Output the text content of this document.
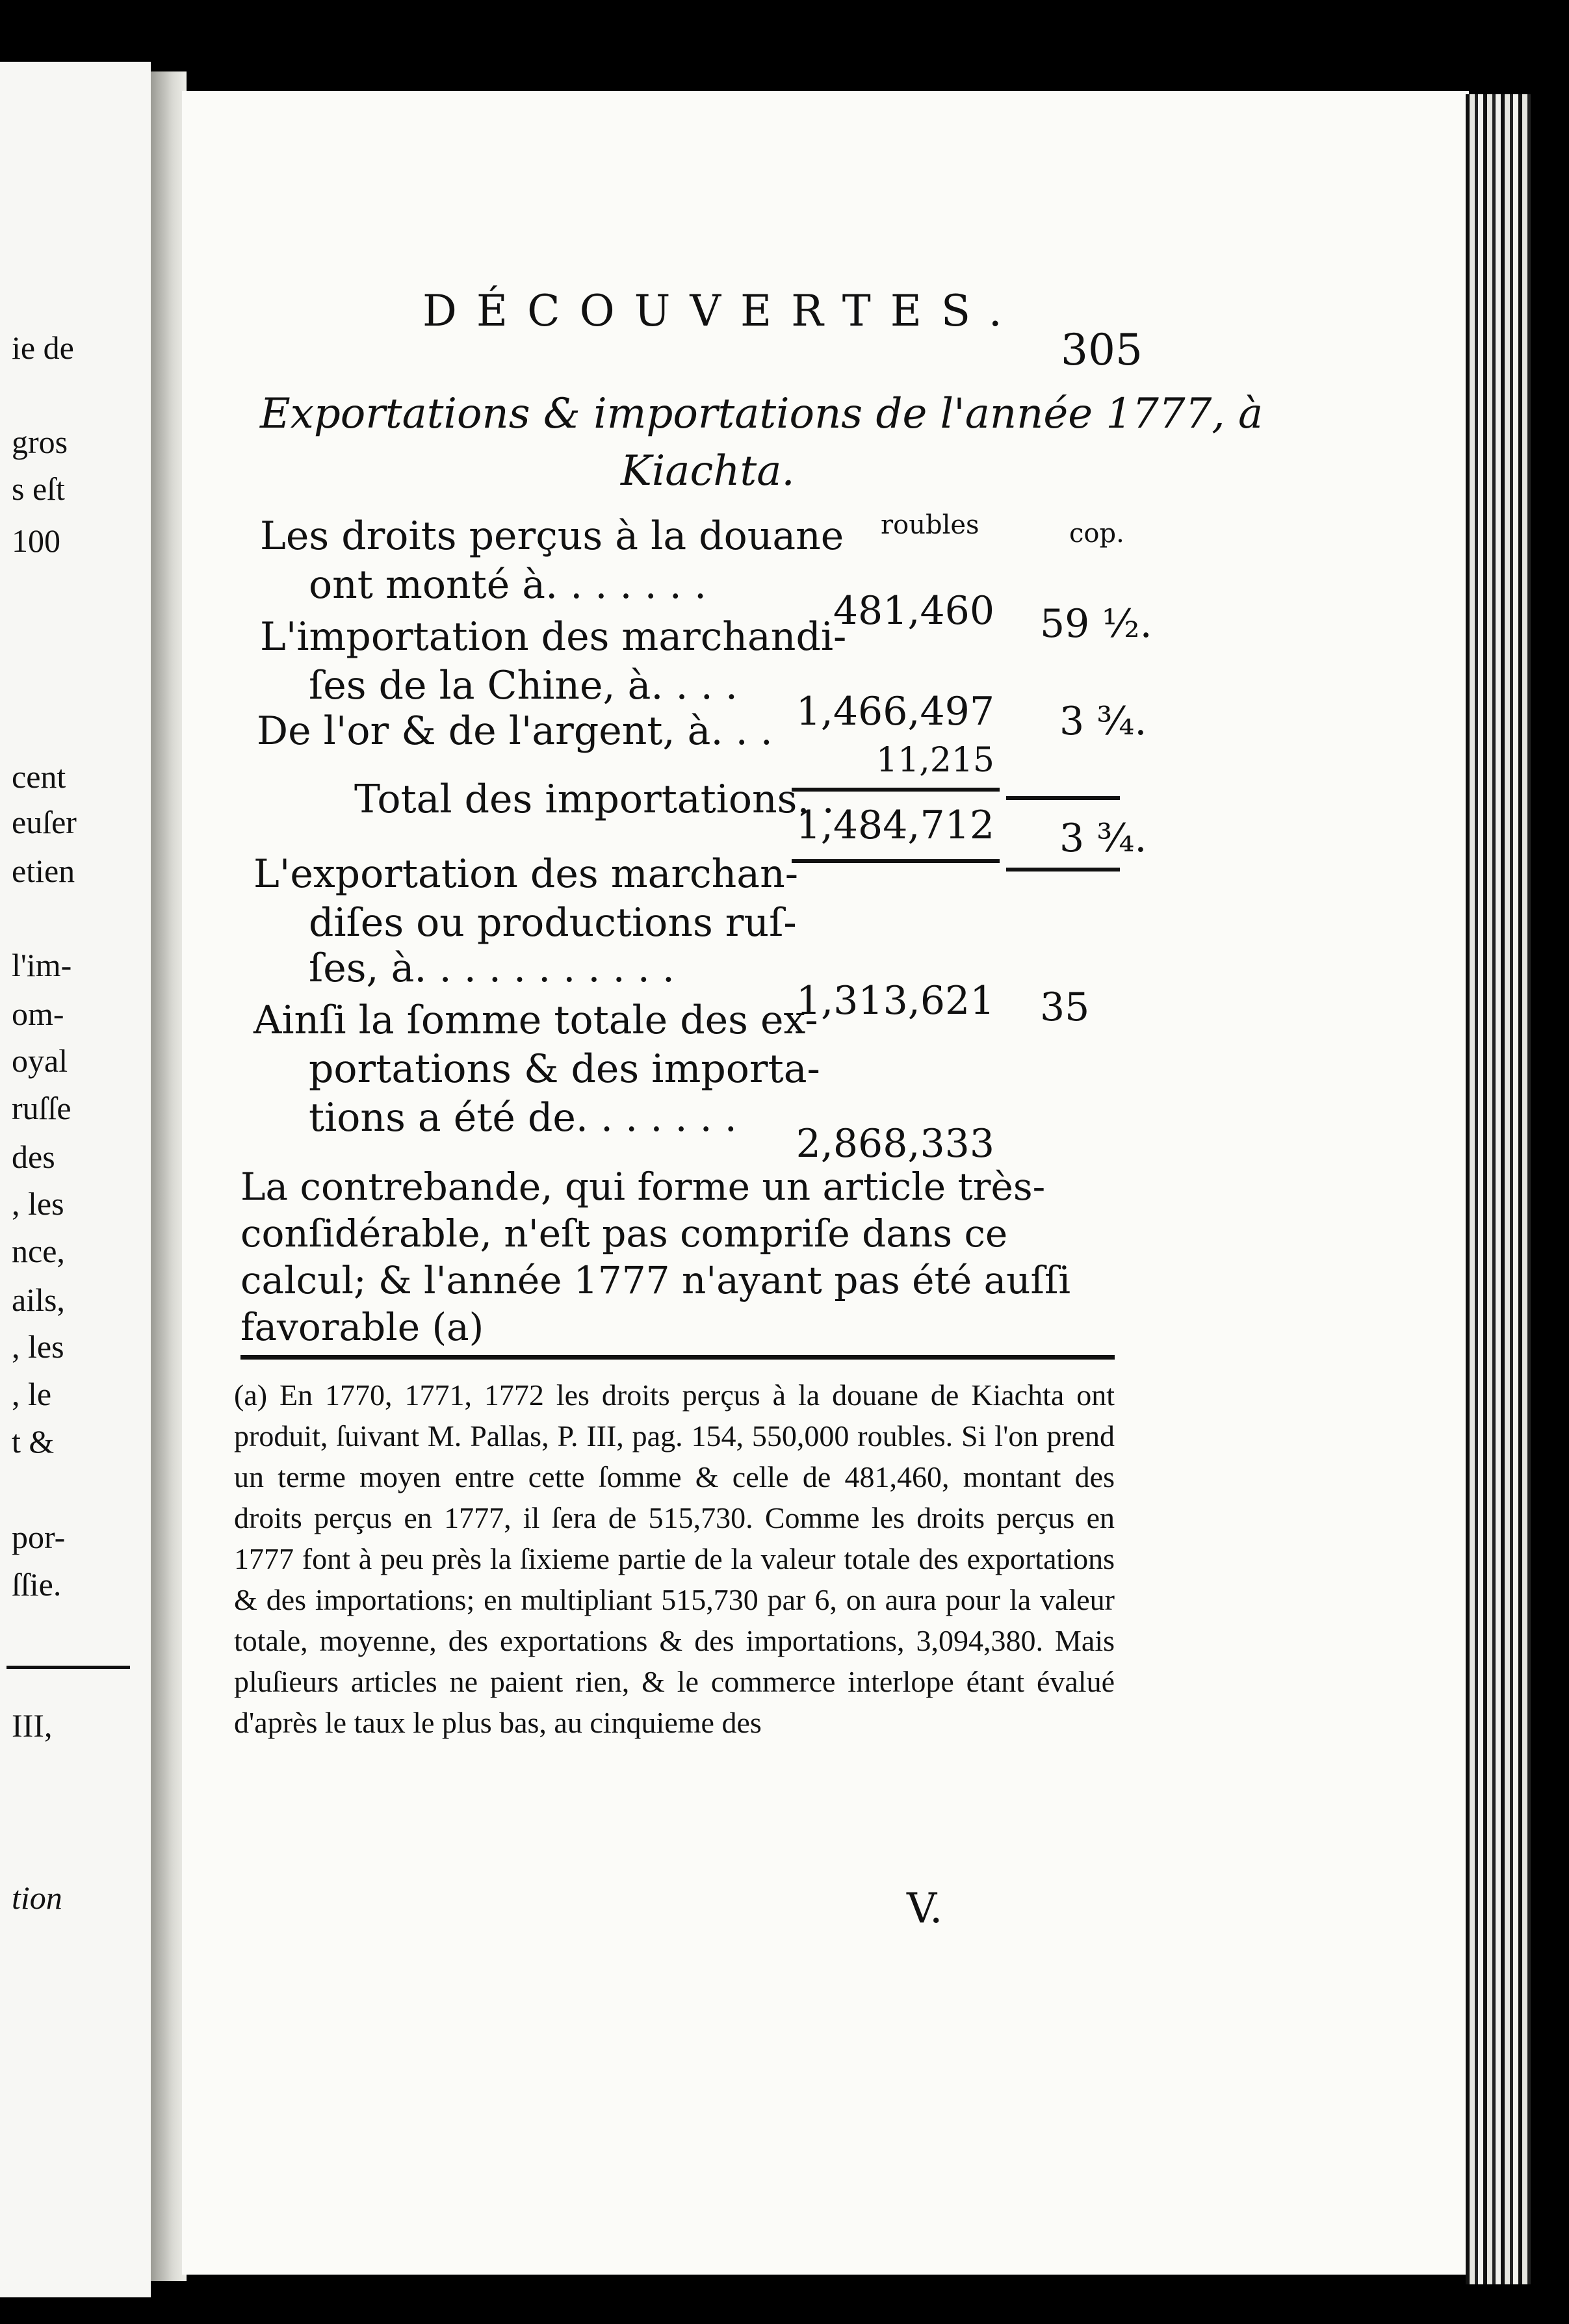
ie de
gros
s eſt
100
cent
euſer
etien
l'im-
om-
oyal
ruſſe
des
, les
nce,
ails,
, les
, le
t &
por-
ſſie.
III,
tion
DÉCOUVERTES.
305
Exportations & importations de l'année 1777, à
Kiachta.
roubles	cop.
Les droits perçus à la douane
ont monté à. . . . . . .
481,460 59 ½.
L'importation des marchandi-
ſes de la Chine, à. . . .
1,466,497 3 ¾.
De l'or & de l'argent, à. . .
11,215
Total des importations. .
1,484,712 3 ¾.
L'exportation des marchan-
diſes ou productions ruſ-
ſes, à. . . . . . . . . . .
1,313,621 35
Ainſi la ſomme totale des ex-
portations & des importa-
tions a été de. . . . . . .
2,868,333
La contrebande, qui forme un article très-conſidérable, n'eſt pas compriſe dans ce calcul; & l'année 1777 n'ayant pas été auſſi favorable (a)
(a) En 1770, 1771, 1772 les droits perçus à la douane de Kiachta ont produit, ſuivant M. Pallas, P. III, pag. 154, 550,000 roubles. Si l'on prend un terme moyen entre cette ſomme & celle de 481,460, montant des droits perçus en 1777, il ſera de 515,730. Comme les droits perçus en 1777 font à peu près la ſixieme partie de la valeur totale des exportations & des importations; en multipliant 515,730 par 6, on aura pour la valeur totale, moyenne, des exportations & des importations, 3,094,380. Mais pluſieurs articles ne paient rien, & le commerce interlope étant évalué d'après le taux le plus bas, au cinquieme des
V.
